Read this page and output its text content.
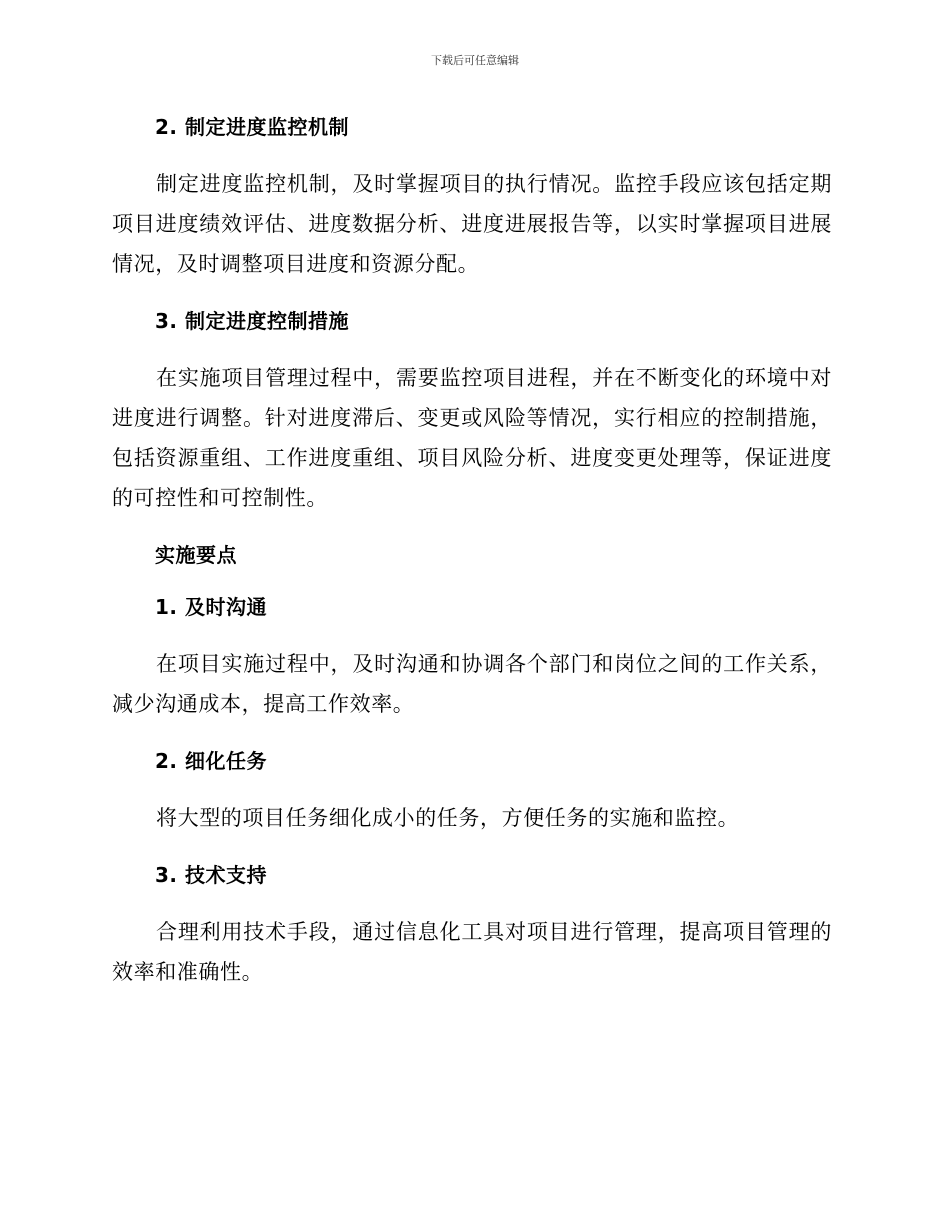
下载后可任意编辑
2. 制定进度监控机制
制定进度监控机制，及时掌握项目的执行情况。监控手段应该包括定期项目进度绩效评估、进度数据分析、进度进展报告等，以实时掌握项目进展情况，及时调整项目进度和资源分配。
3. 制定进度控制措施
在实施项目管理过程中，需要监控项目进程，并在不断变化的环境中对进度进行调整。针对进度滞后、变更或风险等情况，实行相应的控制措施，包括资源重组、工作进度重组、项目风险分析、进度变更处理等，保证进度的可控性和可控制性。
实施要点
1. 及时沟通
在项目实施过程中，及时沟通和协调各个部门和岗位之间的工作关系，减少沟通成本，提高工作效率。
2. 细化任务
将大型的项目任务细化成小的任务，方便任务的实施和监控。
3. 技术支持
合理利用技术手段，通过信息化工具对项目进行管理，提高项目管理的效率和准确性。
